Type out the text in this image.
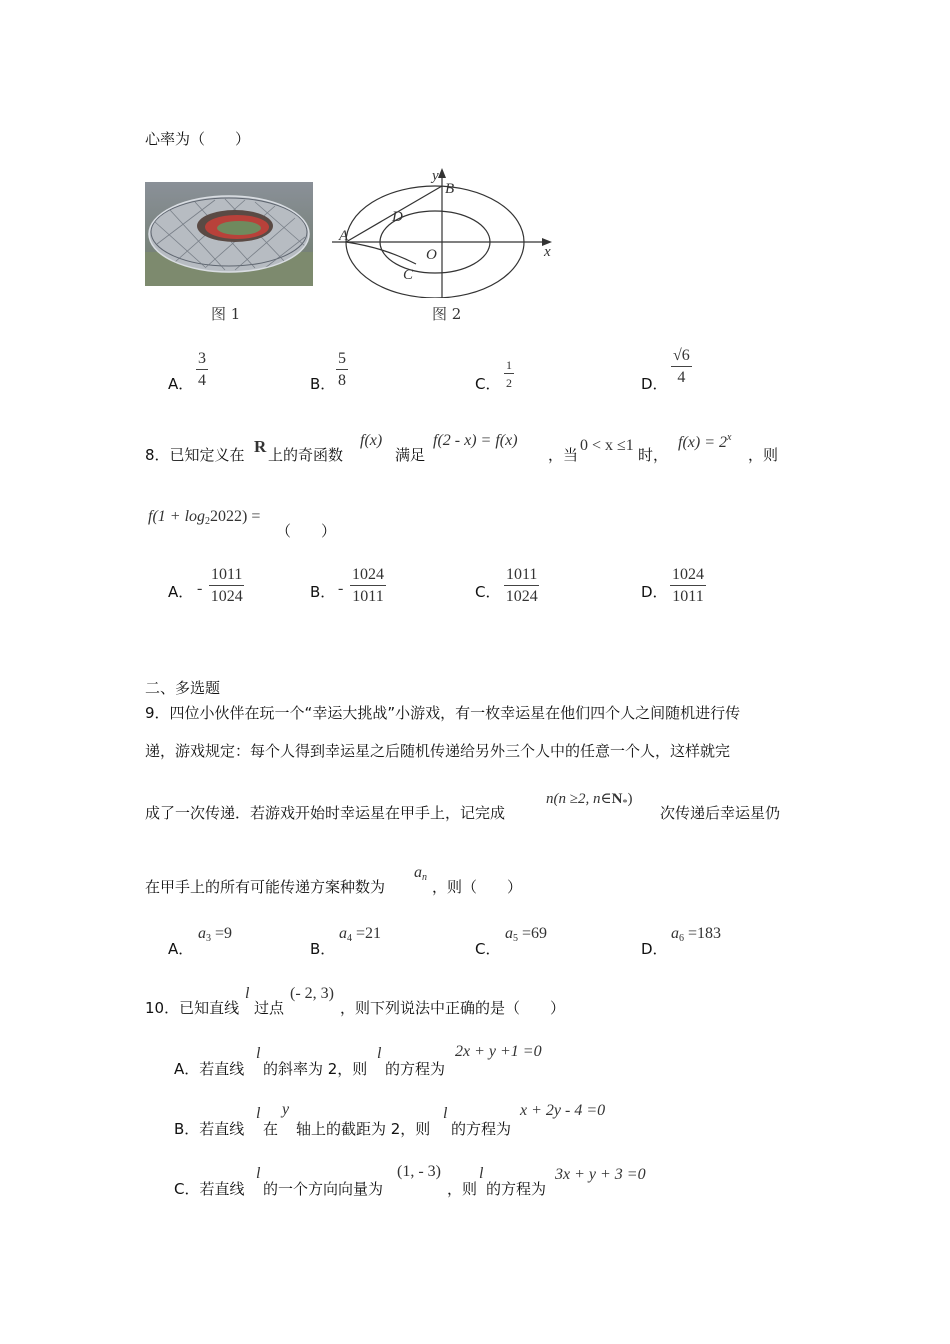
心率为（　　）
图 1
y
x
A
B
C
D
O
图 2
A． $\frac{3}{4}$	B． $\frac{5}{8}$	C． $\frac{1}{2}$	D． $\frac{√6}{4}$
8．已知定义在 R 上的奇函数
f(x)
满足
f(2 - x) = f(x)
，当
0 < x ≤1
时，
$f(x) = 2^x$
，则
$f(1 + \log_22022)$ =
（　　）
A． - $\frac{1011}{1024}$	B． - $\frac{1024}{1011}$	C． $\frac{1011}{1024}$	D． $\frac{1024}{1011}$
二、多选题
9．四位小伙伴在玩一个“幸运大挑战”小游戏，有一枚幸运星在他们四个人之间随机进行传
递，游戏规定：每个人得到幸运星之后随机传递给另外三个人中的任意一个人，这样就完
成了一次传递．若游戏开始时幸运星在甲手上，记完成
n(n ≥2, $n\in N_*$)
次传递后幸运星仍
在甲手上的所有可能传递方案种数为
$a_n$
，则（　　）
A．
$a_3 =9$
B．
$a_4 =21$
C．
$a_5 =69$
D．
$a_6 =183$
10．已知直线
l
过点
(- 2, 3)
，则下列说法中正确的是（　　）
A．若直线
l
的斜率为 2，则
l
的方程为
2x + y +1 =0
B．若直线
l
在
y
轴上的截距为 2，则
l
的方程为
x + 2y - 4 =0
C．若直线
l
的一个方向向量为
(1, - 3)
，则
l
的方程为
3x + y + 3 =0
